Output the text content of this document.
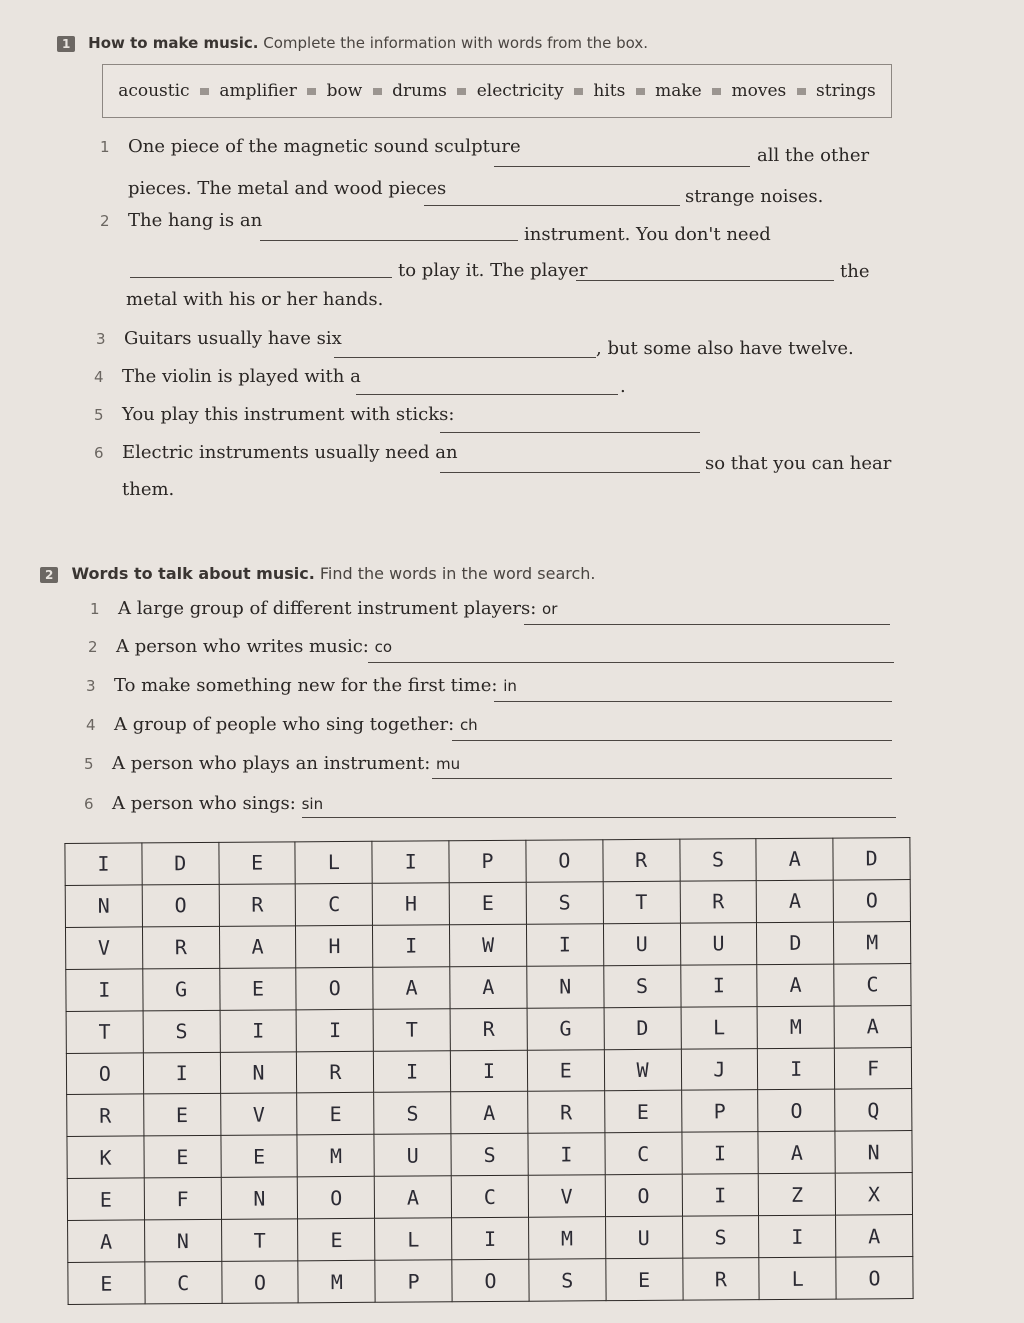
1 How to make music. Complete the information with words from the box.
acoustic amplifier bow drums electricity hits make moves strings
1 One piece of the magnetic sound sculpture	all the other
pieces. The metal and wood pieces	strange noises.
2 The hang is an
instrument. You don't need
to play it. The player	the
metal with his or her hands.
3 Guitars usually have six	, but some also have twelve.
4 The violin is played with a	.
5 You play this instrument with sticks:
6 Electric instruments usually need an
so that you can hear
them.
2 Words to talk about music. Find the words in the word search.
1 A large group of different instrument players: or
2 A person who writes music: co
3 To make something new for the first time: in
4 A group of people who sing together: ch
5 A person who plays an instrument: mu
6 A person who sings: sin
I	D	E	L	I	P	O	R	S	A	D
N	O	R	C	H	E	S	T	R	A	O
V	R	A	H	I	W	I	U	U	D	M
I	G	E	O	A	A	N	S	I	A	C
T	S	I	I	T	R	G	D	L	M	A
O	I	N	R	I	I	E	W	J	I	F
R	E	V	E	S	A	R	E	P	O	Q
K	E	E	M	U	S	I	C	I	A	N
E	F	N	O	A	C	V	O	I	Z	X
A	N	T	E	L	I	M	U	S	I	A
E	C	O	M	P	O	S	E	R	L	O
